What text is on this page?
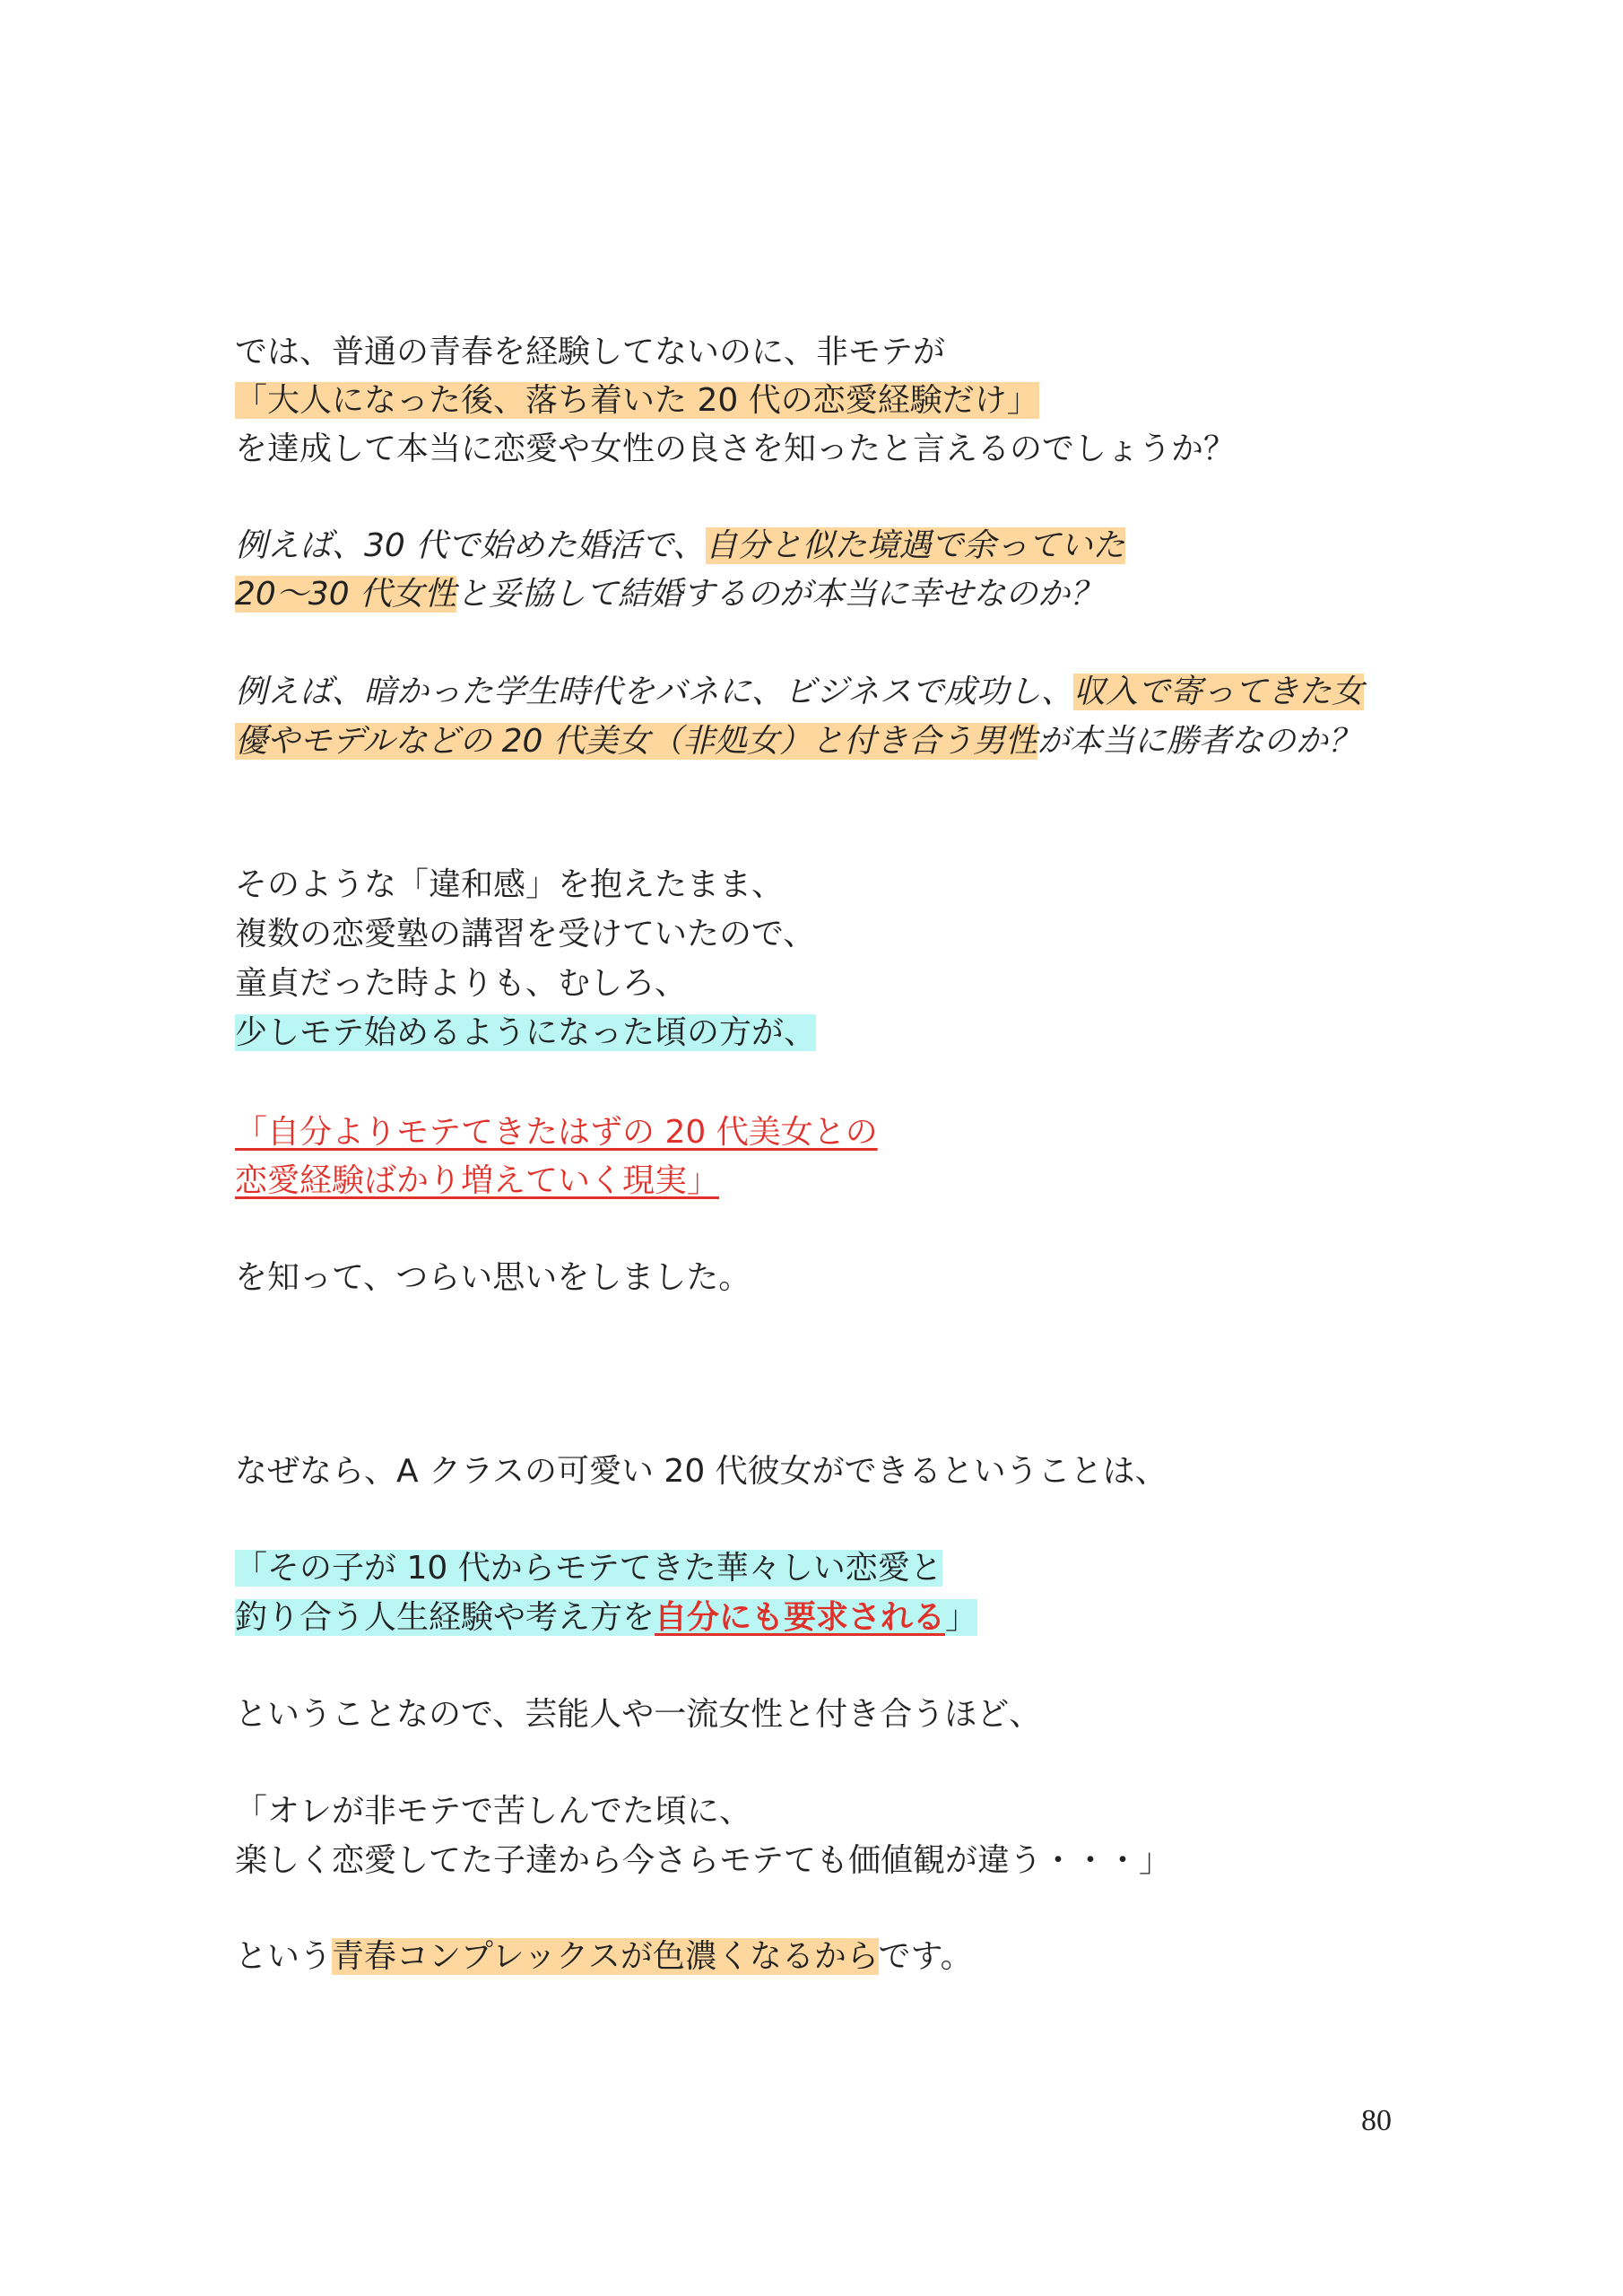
では、普通の青春を経験してないのに、非モテが
「大人になった後、落ち着いた 20 代の恋愛経験だけ」
を達成して本当に恋愛や女性の良さを知ったと言えるのでしょうか？
例えば、30 代で始めた婚活で、自分と似た境遇で余っていた
20〜30 代女性と妥協して結婚するのが本当に幸せなのか？
例えば、暗かった学生時代をバネに、ビジネスで成功し、収入で寄ってきた女
優やモデルなどの 20 代美女（非処女）と付き合う男性が本当に勝者なのか？
そのような「違和感」を抱えたまま、
複数の恋愛塾の講習を受けていたので、
童貞だった時よりも、むしろ、
少しモテ始めるようになった頃の方が、
「自分よりモテてきたはずの 20 代美女との
恋愛経験ばかり増えていく現実」
を知って、つらい思いをしました。
なぜなら、A クラスの可愛い 20 代彼女ができるということは、
「その子が 10 代からモテてきた華々しい恋愛と
釣り合う人生経験や考え方を自分にも要求される」
ということなので、芸能人や一流女性と付き合うほど、
「オレが非モテで苦しんでた頃に、
楽しく恋愛してた子達から今さらモテても価値観が違う・・・」
という青春コンプレックスが色濃くなるからです。
80
